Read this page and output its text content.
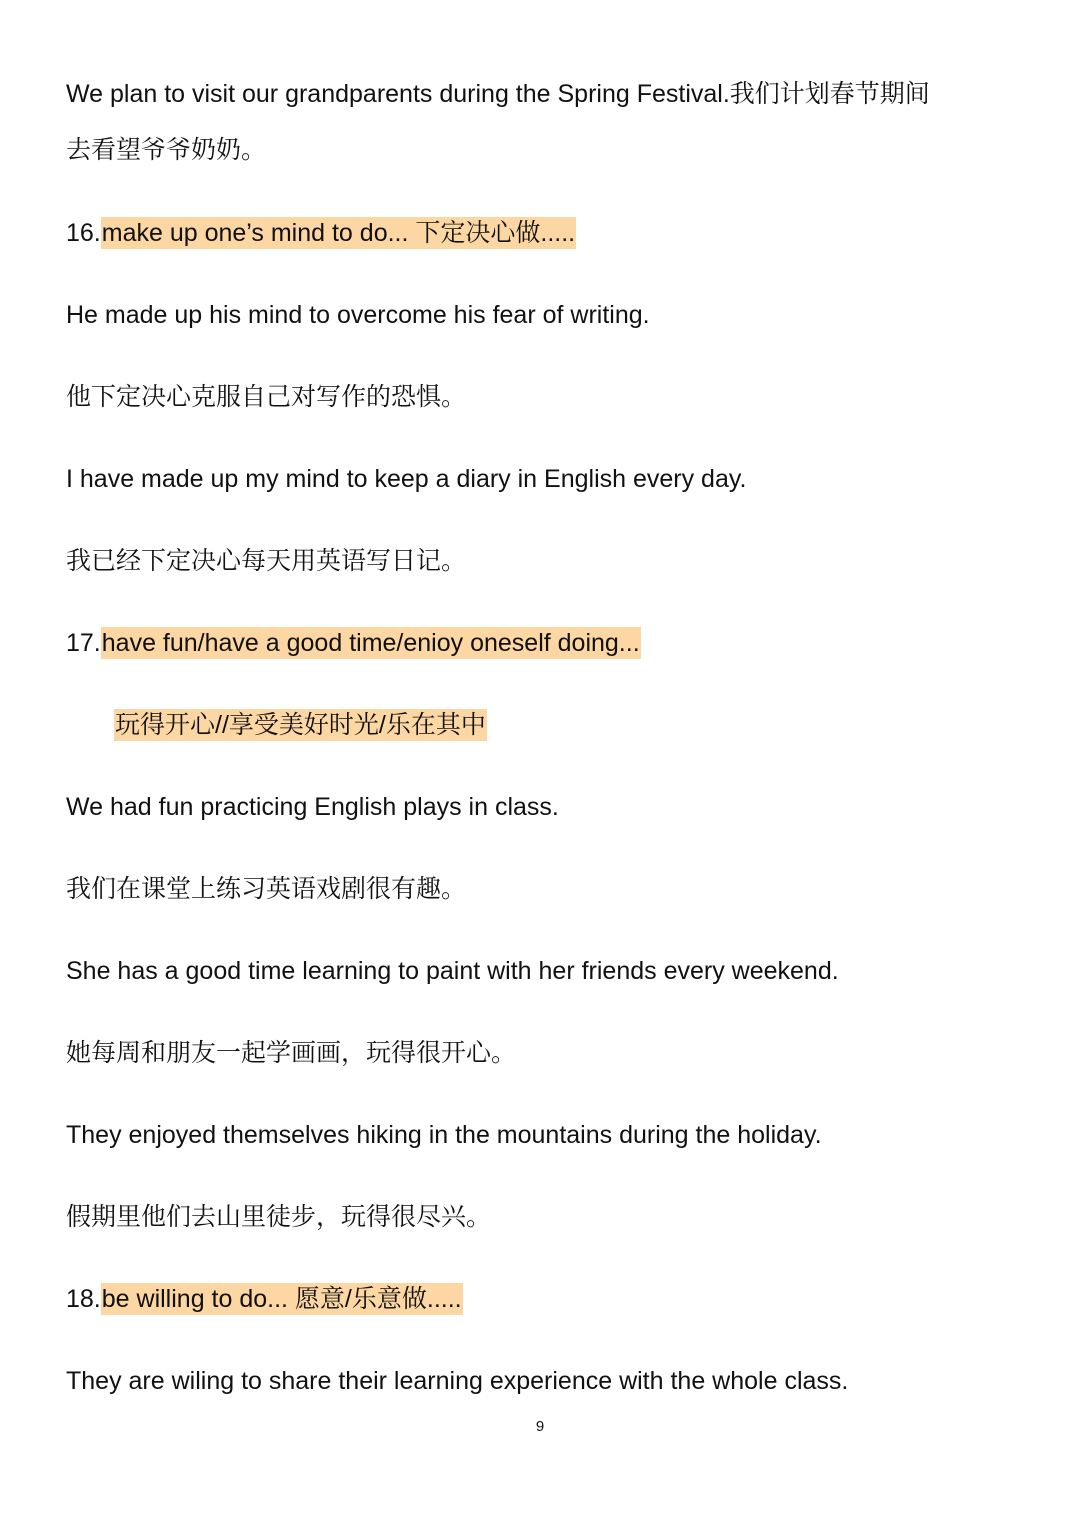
We plan to visit our grandparents during the Spring Festival.我们计划春节期间
去看望爷爷奶奶。
16.make up one’s mind to do... 下定决心做.....
He made up his mind to overcome his fear of writing.
他下定决心克服自己对写作的恐惧。
I have made up my mind to keep a diary in English every day.
我已经下定决心每天用英语写日记。
17.have fun/have a good time/enioy oneself doing...
玩得开心//享受美好时光/乐在其中
We had fun practicing English plays in class.
我们在课堂上练习英语戏剧很有趣。
She has a good time learning to paint with her friends every weekend.
她每周和朋友一起学画画，玩得很开心。
They enjoyed themselves hiking in the mountains during the holiday.
假期里他们去山里徒步，玩得很尽兴。
18.be willing to do... 愿意/乐意做.....
They are wiling to share their learning experience with the whole class.
9
